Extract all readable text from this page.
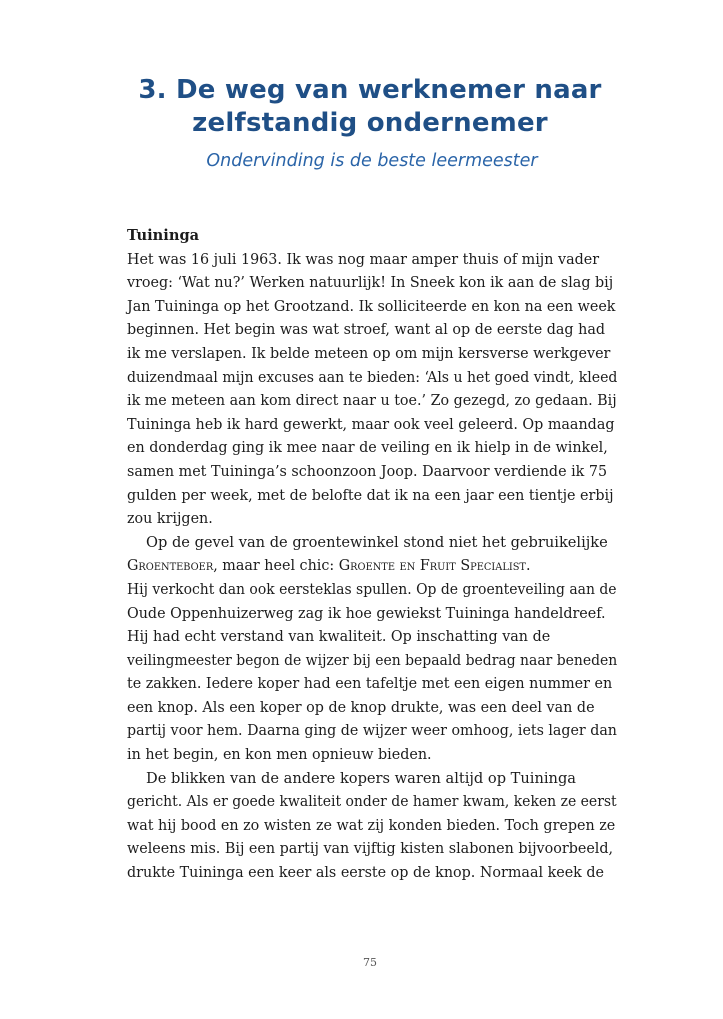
3. De weg van werknemer naar
zelfstandig ondernemer
Ondervinding is de beste leermeester
Tuininga
Het was 16 juli 1963. Ik was nog maar amper thuis of mijn vader
vroeg: ‘Wat nu?’ Werken natuurlijk! In Sneek kon ik aan de slag bij
Jan Tuininga op het Grootzand. Ik solliciteerde en kon na een week
beginnen. Het begin was wat stroef, want al op de eerste dag had
ik me verslapen. Ik belde meteen op om mijn kersverse werkgever
duizendmaal mijn excuses aan te bieden: ‘Als u het goed vindt, kleed
ik me meteen aan kom direct naar u toe.’ Zo gezegd, zo gedaan. Bij
Tuininga heb ik hard gewerkt, maar ook veel geleerd. Op maandag
en donderdag ging ik mee naar de veiling en ik hielp in de winkel,
samen met Tuininga’s schoonzoon Joop. Daarvoor verdiende ik 75
gulden per week, met de belofte dat ik na een jaar een tientje erbij
zou krijgen.
Op de gevel van de groentewinkel stond niet het gebruikelijke
Groenteboer, maar heel chic: Groente en Fruit Specialist.
Hij verkocht dan ook eersteklas spullen. Op de groenteveiling aan de
Oude Oppenhuizerweg zag ik hoe gewiekst Tuininga handeldreef.
Hij had echt verstand van kwaliteit. Op inschatting van de
veilingmeester begon de wijzer bij een bepaald bedrag naar beneden
te zakken. Iedere koper had een tafeltje met een eigen nummer en
een knop. Als een koper op de knop drukte, was een deel van de
partij voor hem. Daarna ging de wijzer weer omhoog, iets lager dan
in het begin, en kon men opnieuw bieden.
De blikken van de andere kopers waren altijd op Tuininga
gericht. Als er goede kwaliteit onder de hamer kwam, keken ze eerst
wat hij bood en zo wisten ze wat zij konden bieden. Toch grepen ze
weleens mis. Bij een partij van vijftig kisten slabonen bijvoorbeeld,
drukte Tuininga een keer als eerste op de knop. Normaal keek de
75
